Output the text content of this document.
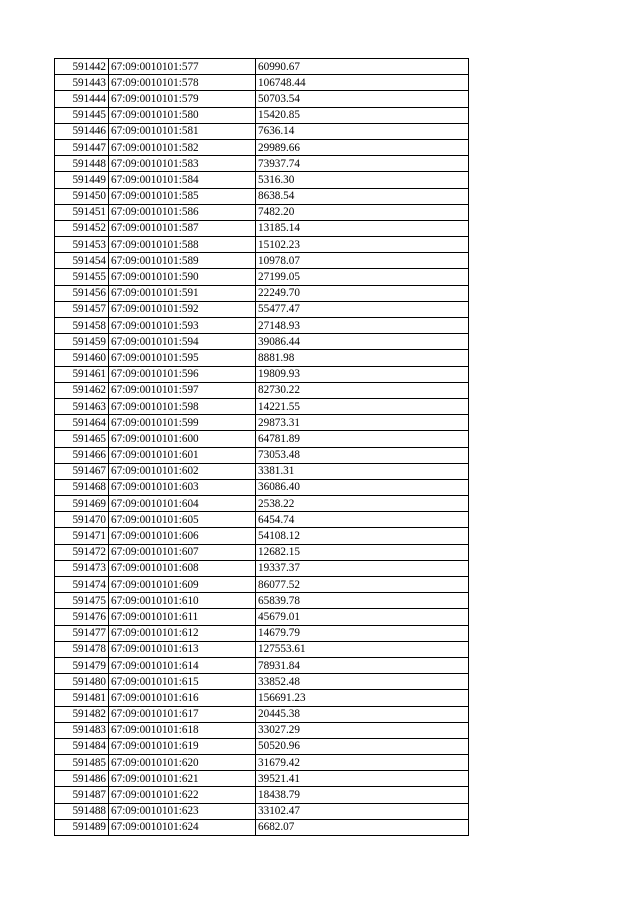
591442	67:09:0010101:577	60990.67
591443	67:09:0010101:578	106748.44
591444	67:09:0010101:579	50703.54
591445	67:09:0010101:580	15420.85
591446	67:09:0010101:581	7636.14
591447	67:09:0010101:582	29989.66
591448	67:09:0010101:583	73937.74
591449	67:09:0010101:584	5316.30
591450	67:09:0010101:585	8638.54
591451	67:09:0010101:586	7482.20
591452	67:09:0010101:587	13185.14
591453	67:09:0010101:588	15102.23
591454	67:09:0010101:589	10978.07
591455	67:09:0010101:590	27199.05
591456	67:09:0010101:591	22249.70
591457	67:09:0010101:592	55477.47
591458	67:09:0010101:593	27148.93
591459	67:09:0010101:594	39086.44
591460	67:09:0010101:595	8881.98
591461	67:09:0010101:596	19809.93
591462	67:09:0010101:597	82730.22
591463	67:09:0010101:598	14221.55
591464	67:09:0010101:599	29873.31
591465	67:09:0010101:600	64781.89
591466	67:09:0010101:601	73053.48
591467	67:09:0010101:602	3381.31
591468	67:09:0010101:603	36086.40
591469	67:09:0010101:604	2538.22
591470	67:09:0010101:605	6454.74
591471	67:09:0010101:606	54108.12
591472	67:09:0010101:607	12682.15
591473	67:09:0010101:608	19337.37
591474	67:09:0010101:609	86077.52
591475	67:09:0010101:610	65839.78
591476	67:09:0010101:611	45679.01
591477	67:09:0010101:612	14679.79
591478	67:09:0010101:613	127553.61
591479	67:09:0010101:614	78931.84
591480	67:09:0010101:615	33852.48
591481	67:09:0010101:616	156691.23
591482	67:09:0010101:617	20445.38
591483	67:09:0010101:618	33027.29
591484	67:09:0010101:619	50520.96
591485	67:09:0010101:620	31679.42
591486	67:09:0010101:621	39521.41
591487	67:09:0010101:622	18438.79
591488	67:09:0010101:623	33102.47
591489	67:09:0010101:624	6682.07
